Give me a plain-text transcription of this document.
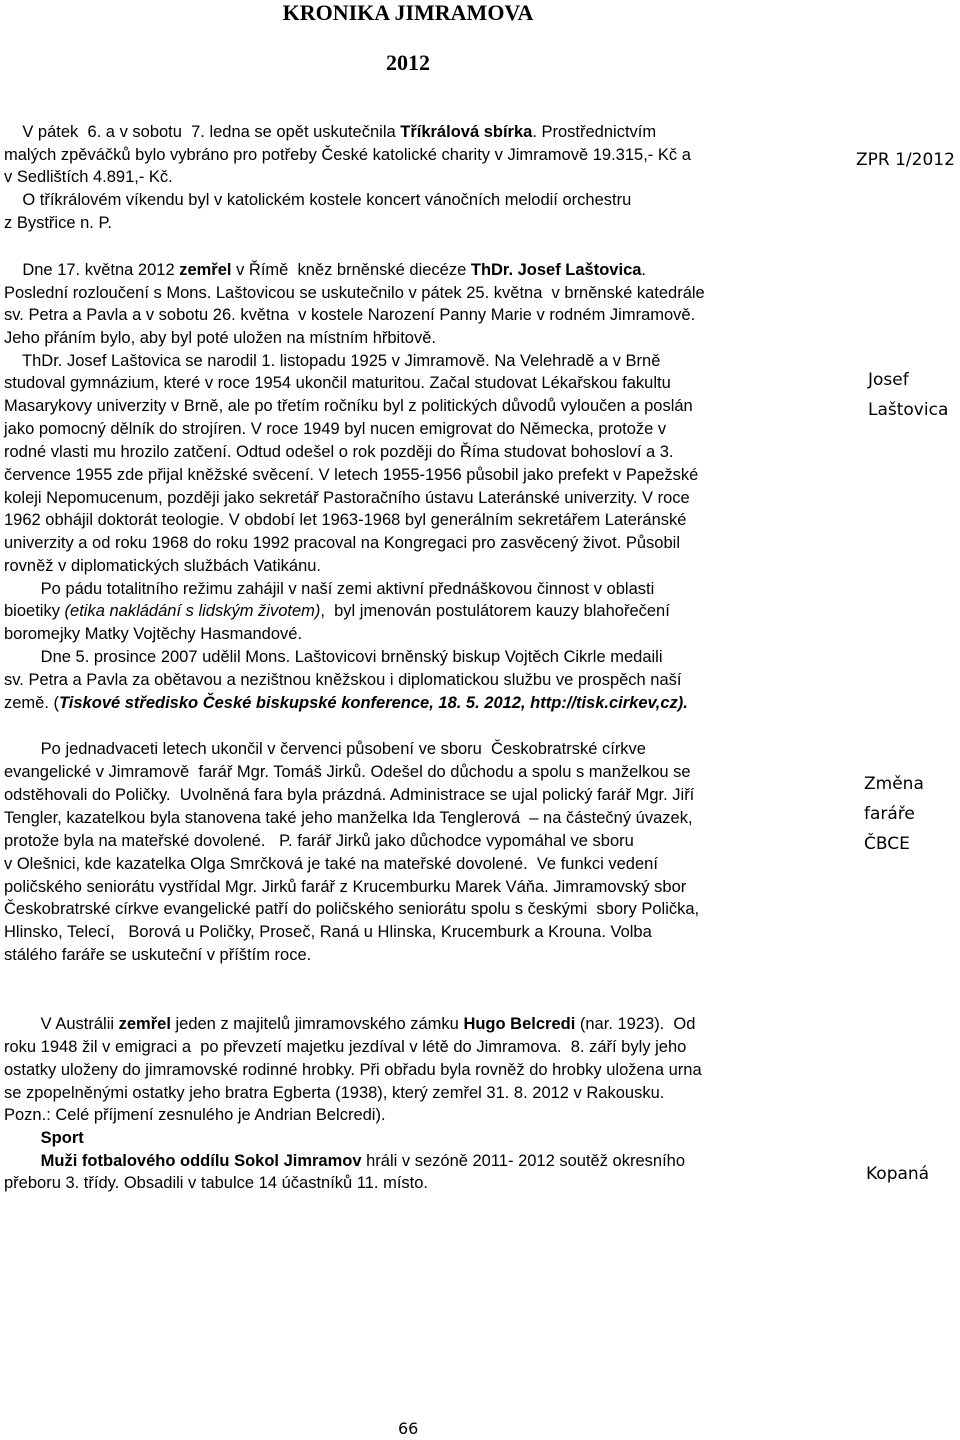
KRONIKA JIMRAMOVA
2012
V pátek  6. a v sobotu  7. ledna se opět uskutečnila Tříkrálová sbírka. Prostřednictvím
malých zpěváčků bylo vybráno pro potřeby České katolické charity v Jimramově 19.315,- Kč a
v Sedlištích 4.891,- Kč.
O tříkrálovém víkendu byl v katolickém kostele koncert vánočních melodií orchestru
z Bystřice n. P.
Dne 17. května 2012 zemřel v Římě  kněz brněnské diecéze ThDr. Josef Laštovica.
Poslední rozloučení s Mons. Laštovicou se uskutečnilo v pátek 25. května  v brněnské katedrále
sv. Petra a Pavla a v sobotu 26. května  v kostele Narození Panny Marie v rodném Jimramově.
Jeho přáním bylo, aby byl poté uložen na místním hřbitově.
ThDr. Josef Laštovica se narodil 1. listopadu 1925 v Jimramově. Na Velehradě a v Brně
studoval gymnázium, které v roce 1954 ukončil maturitou. Začal studovat Lékařskou fakultu
Masarykovy univerzity v Brně, ale po třetím ročníku byl z politických důvodů vyloučen a poslán
jako pomocný dělník do strojíren. V roce 1949 byl nucen emigrovat do Německa, protože v
rodné vlasti mu hrozilo zatčení. Odtud odešel o rok později do Říma studovat bohosloví a 3.
července 1955 zde přijal kněžské svěcení. V letech 1955-1956 působil jako prefekt v Papežské
koleji Nepomucenum, později jako sekretář Pastoračního ústavu Lateránské univerzity. V roce
1962 obhájil doktorát teologie. V období let 1963-1968 byl generálním sekretářem Lateránské
univerzity a od roku 1968 do roku 1992 pracoval na Kongregaci pro zasvěcený život. Působil
rovněž v diplomatických službách Vatikánu.
Po pádu totalitního režimu zahájil v naší zemi aktivní přednáškovou činnost v oblasti
bioetiky (etika nakládání s lidským životem),  byl jmenován postulátorem kauzy blahořečení
boromejky Matky Vojtěchy Hasmandové.
Dne 5. prosince 2007 udělil Mons. Laštovicovi brněnský biskup Vojtěch Cikrle medaili
sv. Petra a Pavla za obětavou a nezištnou kněžskou i diplomatickou službu ve prospěch naší
země. (Tiskové středisko České biskupské konference, 18. 5. 2012, http://tisk.cirkev,cz).
Po jednadvaceti letech ukončil v červenci působení ve sboru  Českobratrské církve
evangelické v Jimramově  farář Mgr. Tomáš Jirků. Odešel do důchodu a spolu s manželkou se
odstěhovali do Poličky.  Uvolněná fara byla prázdná. Administrace se ujal polický farář Mgr. Jiří
Tengler, kazatelkou byla stanovena také jeho manželka Ida Tenglerová  – na částečný úvazek,
protože byla na mateřské dovolené.   P. farář Jirků jako důchodce vypomáhal ve sboru
v Olešnici, kde kazatelka Olga Smrčková je také na mateřské dovolené.  Ve funkci vedení
poličského seniorátu vystřídal Mgr. Jirků farář z Krucemburku Marek Váňa. Jimramovský sbor
Českobratrské církve evangelické patří do poličského seniorátu spolu s českými  sbory Polička,
Hlinsko, Telecí,   Borová u Poličky, Proseč, Raná u Hlinska, Krucemburk a Krouna. Volba
stálého faráře se uskuteční v příštím roce.
V Austrálii zemřel jeden z majitelů jimramovského zámku Hugo Belcredi (nar. 1923).  Od
roku 1948 žil v emigraci a  po převzetí majetku jezdíval v létě do Jimramova.  8. září byly jeho
ostatky uloženy do jimramovské rodinné hrobky. Při obřadu byla rovněž do hrobky uložena urna
se zpopelněnými ostatky jeho bratra Egberta (1938), který zemřel 31. 8. 2012 v Rakousku.
Pozn.: Celé příjmení zesnulého je Andrian Belcredi).
Sport
Muži fotbalového oddílu Sokol Jimramov hráli v sezóně 2011- 2012 soutěž okresního
přeboru 3. třídy. Obsadili v tabulce 14 účastníků 11. místo.
ZPR 1/2012
Josef
Laštovica
Změna
faráře
ČBCE
Kopaná
66
